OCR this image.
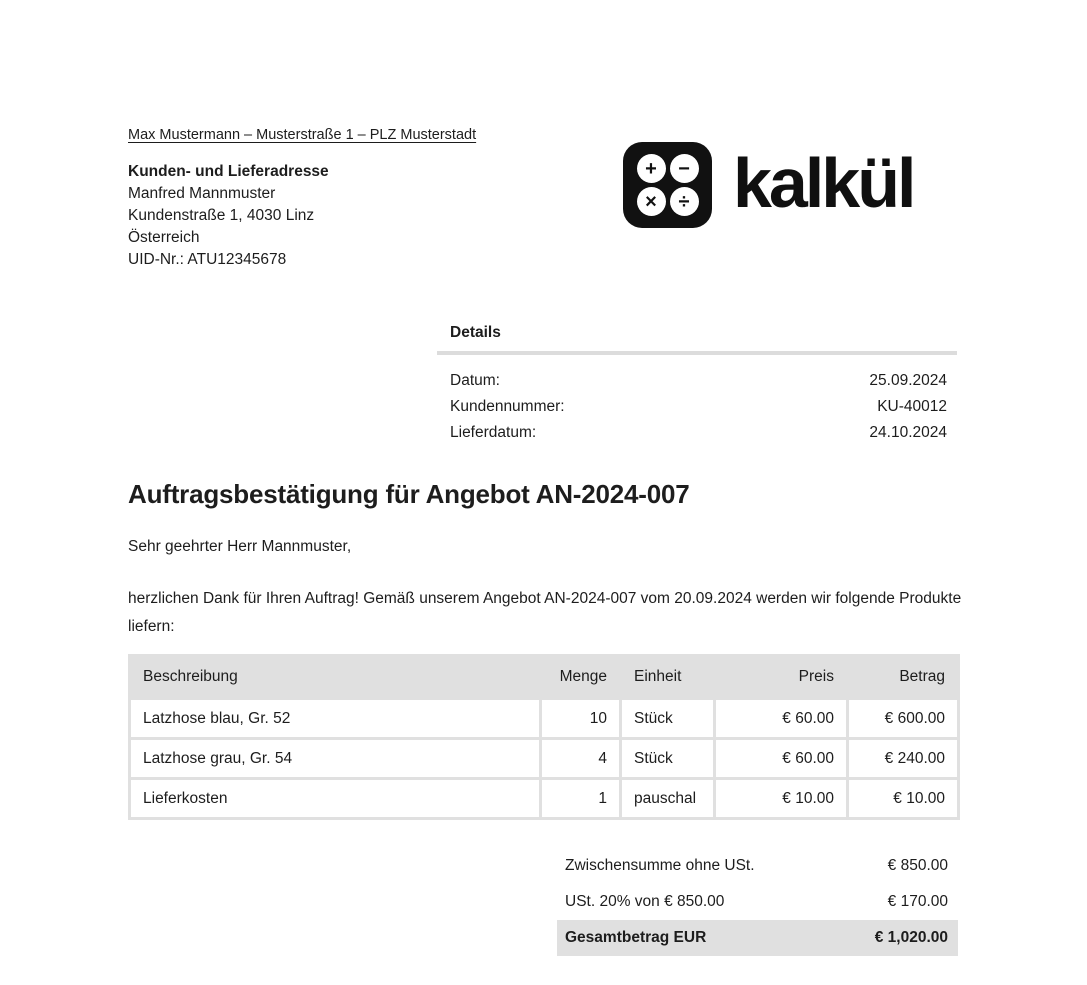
Max Mustermann – Musterstraße 1 – PLZ Musterstadt
Kunden- und Lieferadresse
Manfred Mannmuster
Kundenstraße 1, 4030 Linz
Österreich
UID-Nr.: ATU12345678
+	−
×	÷ kalkül
Details
Datum:	25.09.2024
Kundennummer:	KU-40012
Lieferdatum:	24.10.2024
Auftragsbestätigung für Angebot AN-2024-007
Sehr geehrter Herr Mannmuster,
herzlichen Dank für Ihren Auftrag! Gemäß unserem Angebot AN-2024-007 vom 20.09.2024 werden wir folgende Produkte liefern:
Beschreibung	Menge	Einheit	Preis	Betrag
Latzhose blau, Gr. 52	10	Stück	€ 60.00	€ 600.00
Latzhose grau, Gr. 54	4	Stück	€ 60.00	€ 240.00
Lieferkosten	1	pauschal	€ 10.00	€ 10.00
Zwischensumme ohne USt.	€ 850.00
USt. 20% von € 850.00	€ 170.00
Gesamtbetrag EUR	€ 1,020.00
